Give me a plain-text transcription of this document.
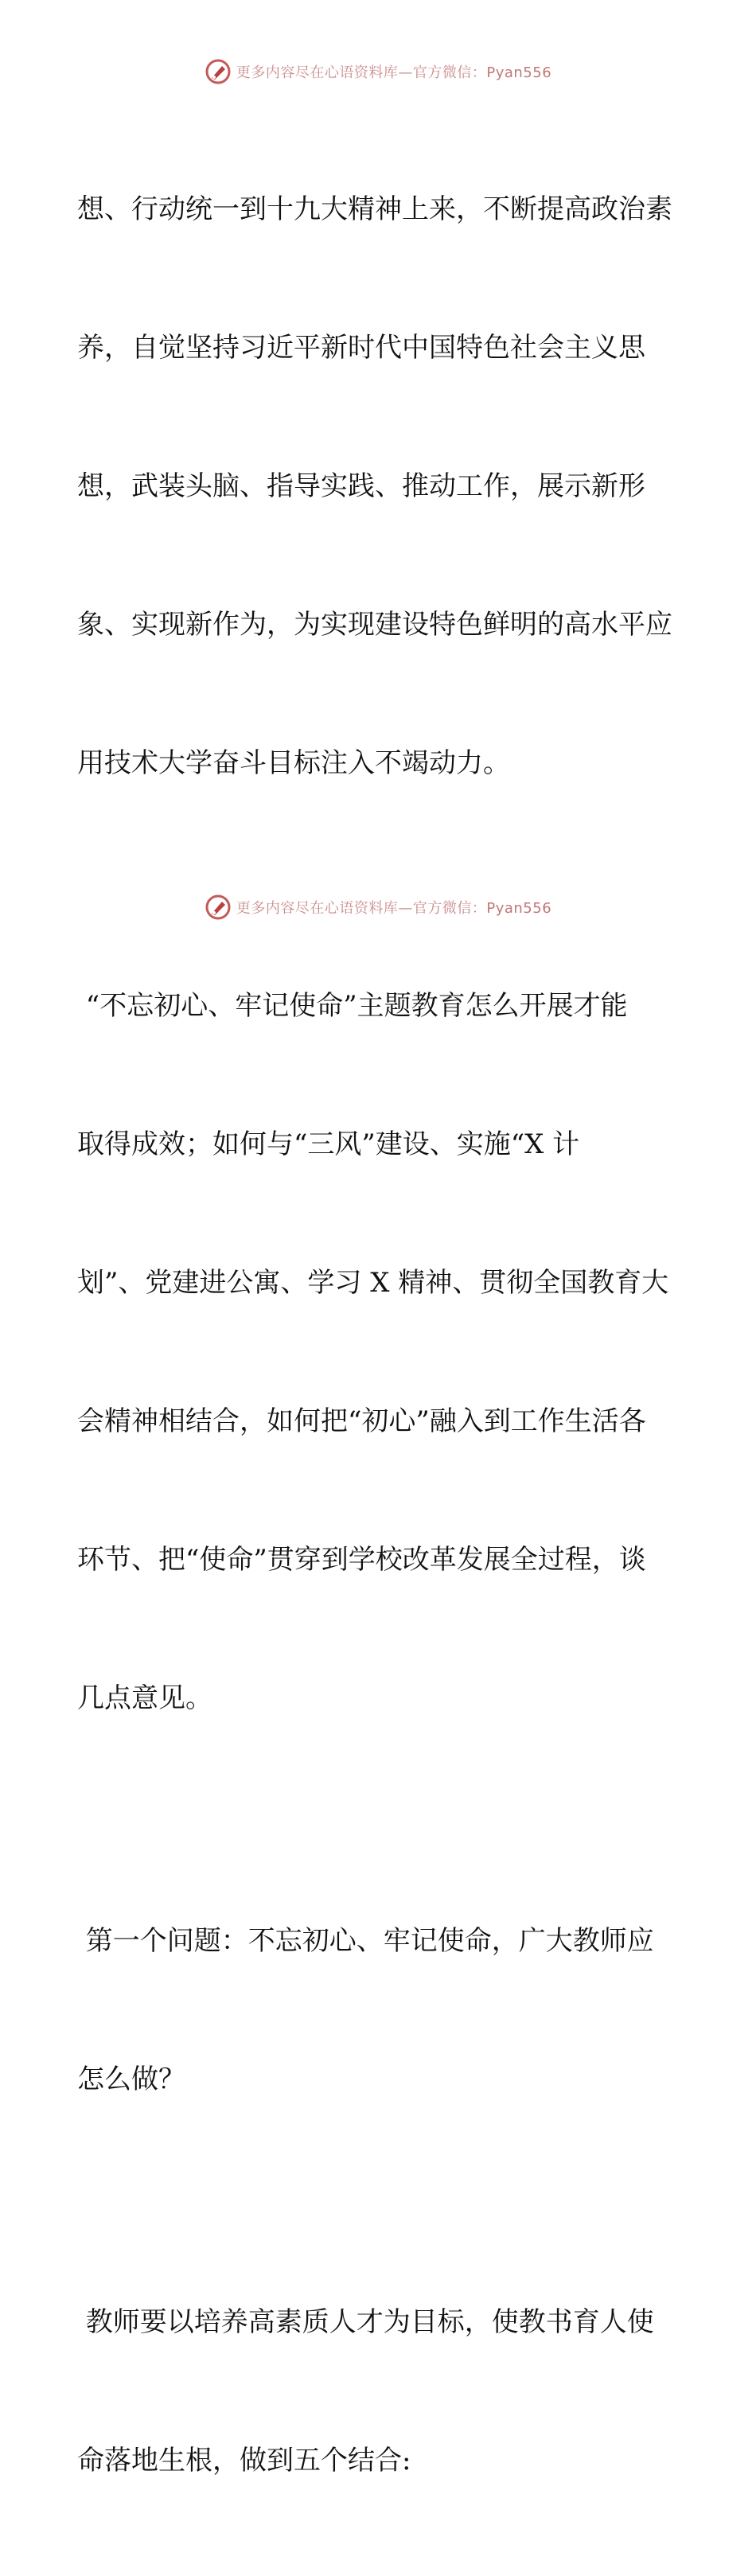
更多内容尽在心语资料库—官方微信：Pyan556

想、行动统一到十九大精神上来，不断提高政治素

养，自觉坚持习近平新时代中国特色社会主义思

想，武装头脑、指导实践、推动工作，展示新形

象、实现新作为，为实现建设特色鲜明的高水平应

用技术大学奋斗目标注入不竭动力。

“不忘初心、牢记使命”主题教育怎么开展才能

取得成效；如何与“三风”建设、实施“X 计

划”、党建进公寓、学习 X 精神、贯彻全国教育大

会精神相结合，如何把“初心”融入到工作生活各

环节、把“使命”贯穿到学校改革发展全过程，谈

几点意见。

第一个问题：不忘初心、牢记使命，广大教师应

怎么做？

教师要以培养高素质人才为目标，使教书育人使

命落地生根，做到五个结合:

更多内容尽在心语资料库—官方微信：Pyan556
